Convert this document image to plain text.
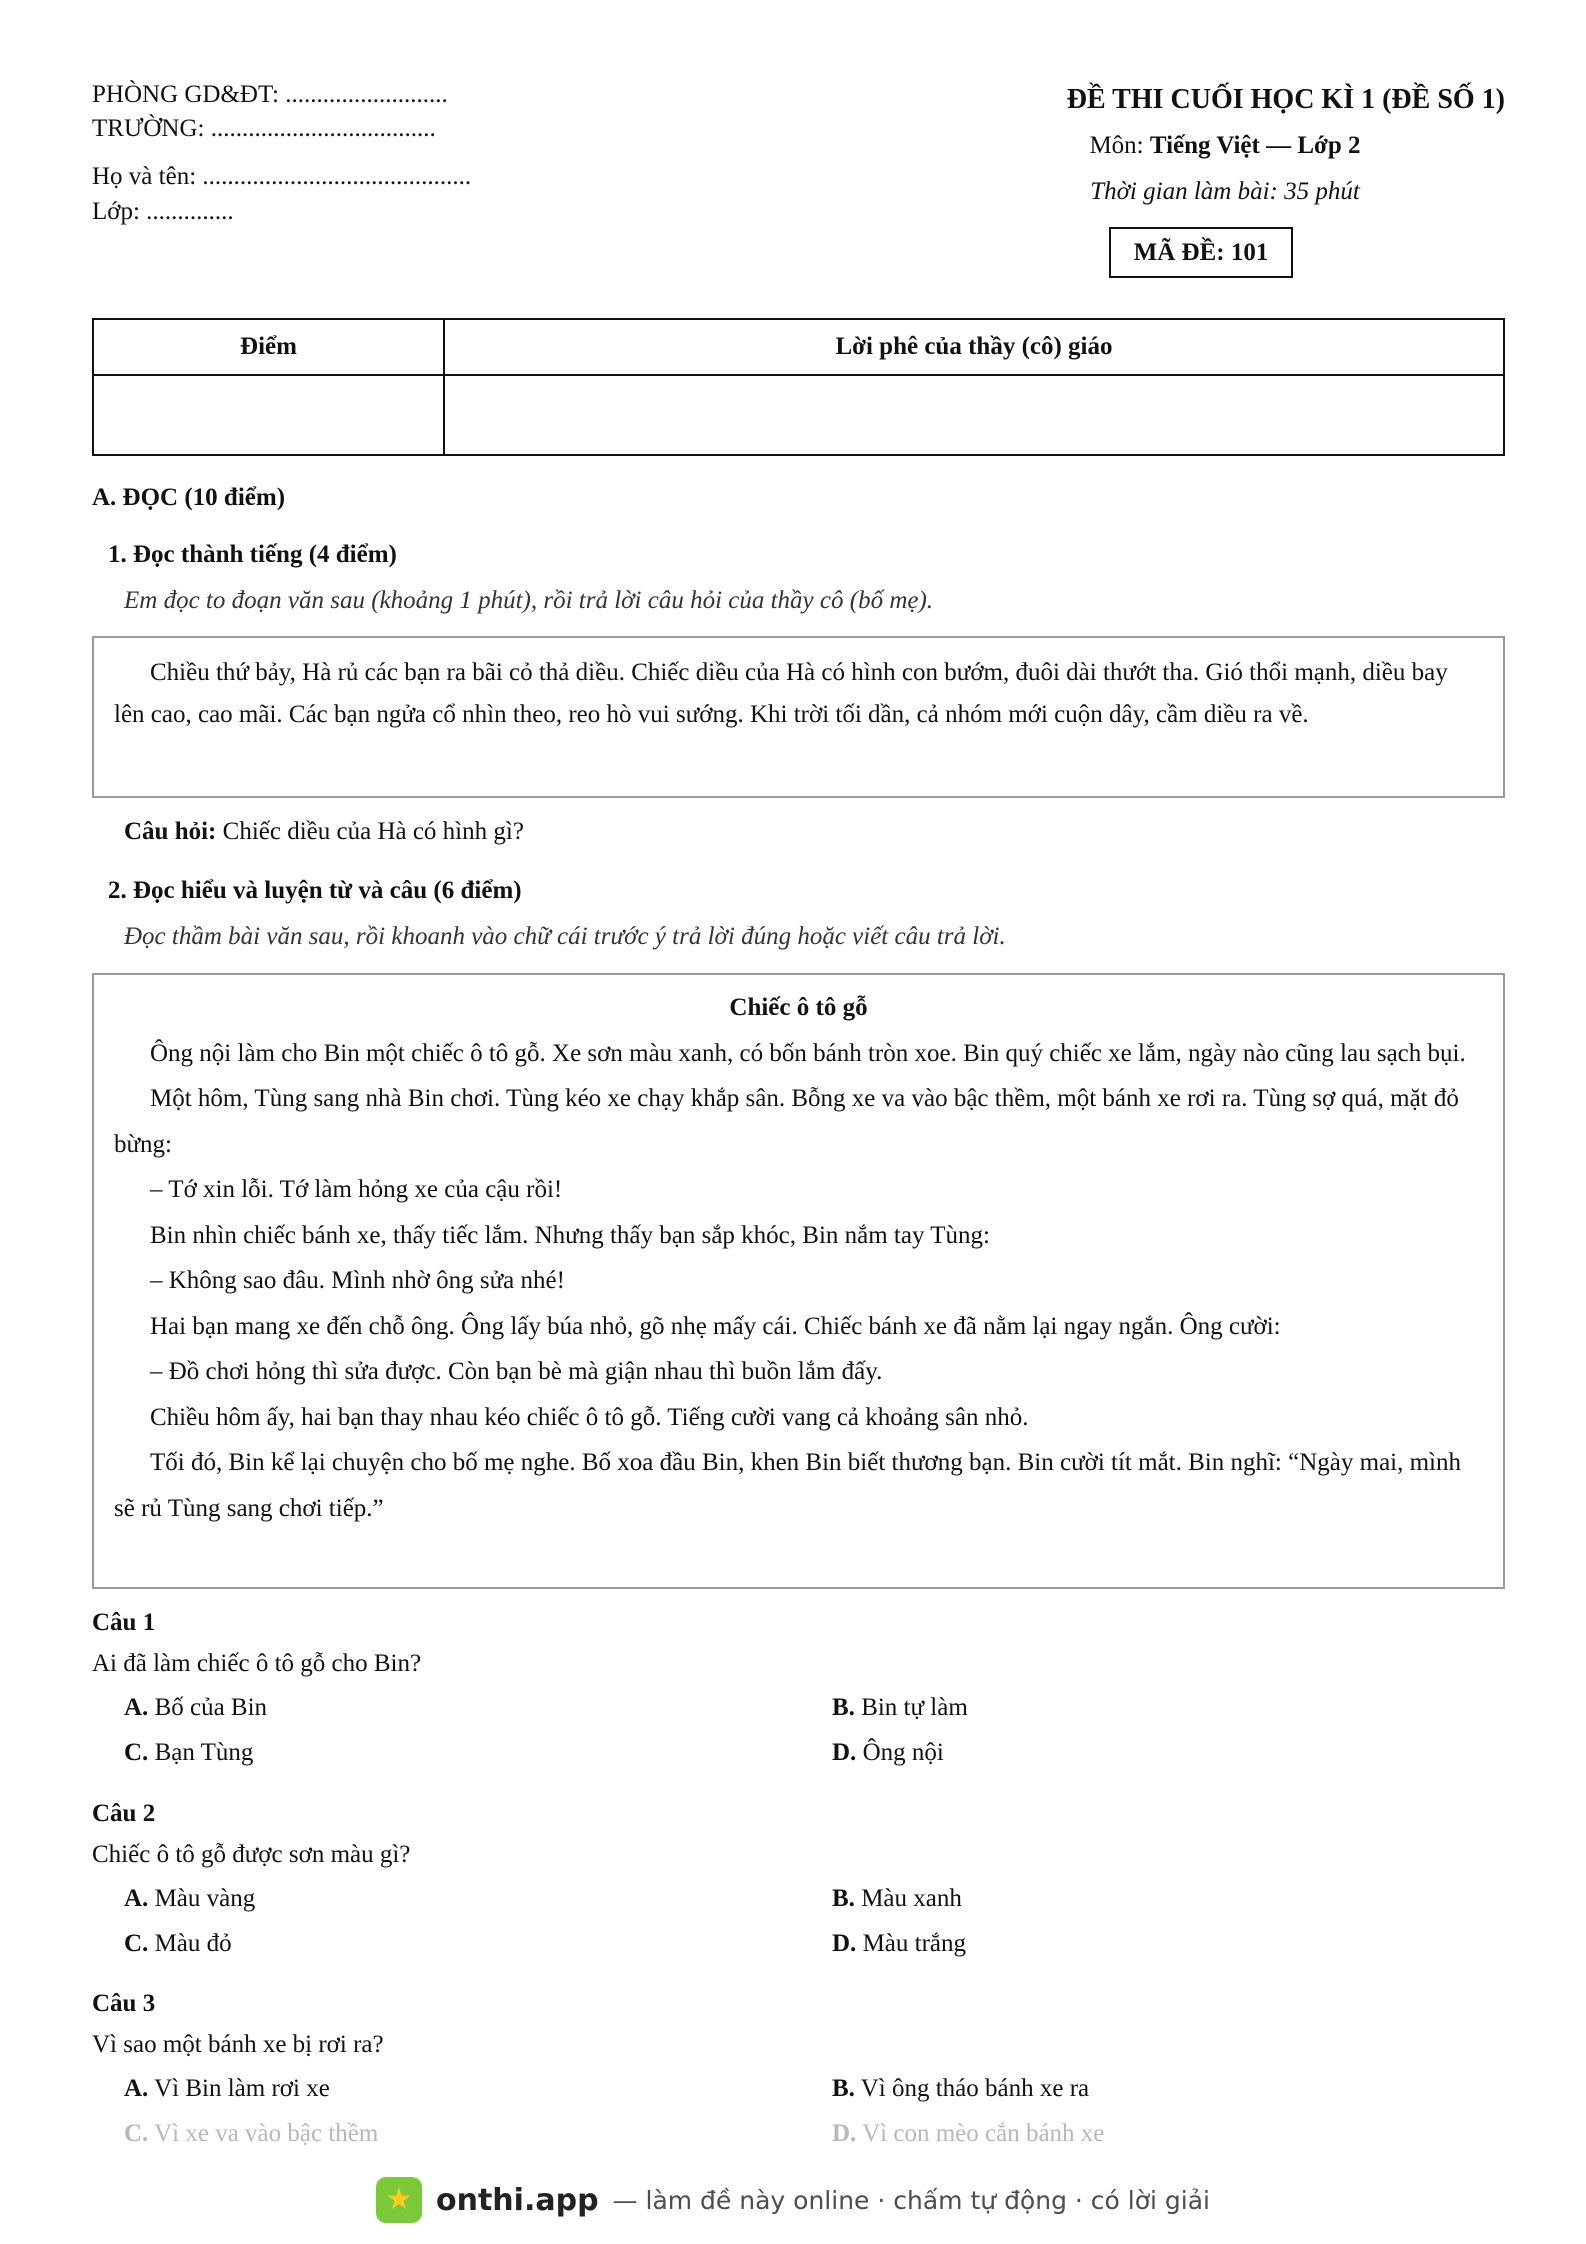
PHÒNG GD&ĐT: ..........................
TRƯỜNG: ....................................
Họ và tên: ...........................................
Lớp: ..............
ĐỀ THI CUỐI HỌC KÌ 1 (ĐỀ SỐ 1)
Môn: Tiếng Việt — Lớp 2
Thời gian làm bài: 35 phút
MÃ ĐỀ: 101
Điểm	Lời phê của thầy (cô) giáo

A. ĐỌC (10 điểm)
1. Đọc thành tiếng (4 điểm)
Em đọc to đoạn văn sau (khoảng 1 phút), rồi trả lời câu hỏi của thầy cô (bố mẹ).

Chiều thứ bảy, Hà rủ các bạn ra bãi cỏ thả diều. Chiếc diều của Hà có hình con bướm, đuôi dài thướt tha. Gió thổi mạnh, diều bay lên cao, cao mãi. Các bạn ngửa cổ nhìn theo, reo hò vui sướng. Khi trời tối dần, cả nhóm mới cuộn dây, cầm diều ra về.

Câu hỏi: Chiếc diều của Hà có hình gì?
2. Đọc hiểu và luyện từ và câu (6 điểm)
Đọc thầm bài văn sau, rồi khoanh vào chữ cái trước ý trả lời đúng hoặc viết câu trả lời.

Chiếc ô tô gỗ

Ông nội làm cho Bin một chiếc ô tô gỗ. Xe sơn màu xanh, có bốn bánh tròn xoe. Bin quý chiếc xe lắm, ngày nào cũng lau sạch bụi.

Một hôm, Tùng sang nhà Bin chơi. Tùng kéo xe chạy khắp sân. Bỗng xe va vào bậc thềm, một bánh xe rơi ra. Tùng sợ quá, mặt đỏ bừng:

– Tớ xin lỗi. Tớ làm hỏng xe của cậu rồi!

Bin nhìn chiếc bánh xe, thấy tiếc lắm. Nhưng thấy bạn sắp khóc, Bin nắm tay Tùng:

– Không sao đâu. Mình nhờ ông sửa nhé!

Hai bạn mang xe đến chỗ ông. Ông lấy búa nhỏ, gõ nhẹ mấy cái. Chiếc bánh xe đã nằm lại ngay ngắn. Ông cười:

– Đồ chơi hỏng thì sửa được. Còn bạn bè mà giận nhau thì buồn lắm đấy.

Chiều hôm ấy, hai bạn thay nhau kéo chiếc ô tô gỗ. Tiếng cười vang cả khoảng sân nhỏ.

Tối đó, Bin kể lại chuyện cho bố mẹ nghe. Bố xoa đầu Bin, khen Bin biết thương bạn. Bin cười tít mắt. Bin nghĩ: “Ngày mai, mình sẽ rủ Tùng sang chơi tiếp.”

Câu 1
Ai đã làm chiếc ô tô gỗ cho Bin?
A. Bố của Bin	B. Bin tự làm
C. Bạn Tùng	D. Ông nội
Câu 2
Chiếc ô tô gỗ được sơn màu gì?
A. Màu vàng	B. Màu xanh
C. Màu đỏ	D. Màu trắng
Câu 3
Vì sao một bánh xe bị rơi ra?
A. Vì Bin làm rơi xe	B. Vì ông tháo bánh xe ra
C. Vì xe va vào bậc thềm	D. Vì con mèo cắn bánh xe
★ onthi.app — làm đề này online · chấm tự động · có lời giải
